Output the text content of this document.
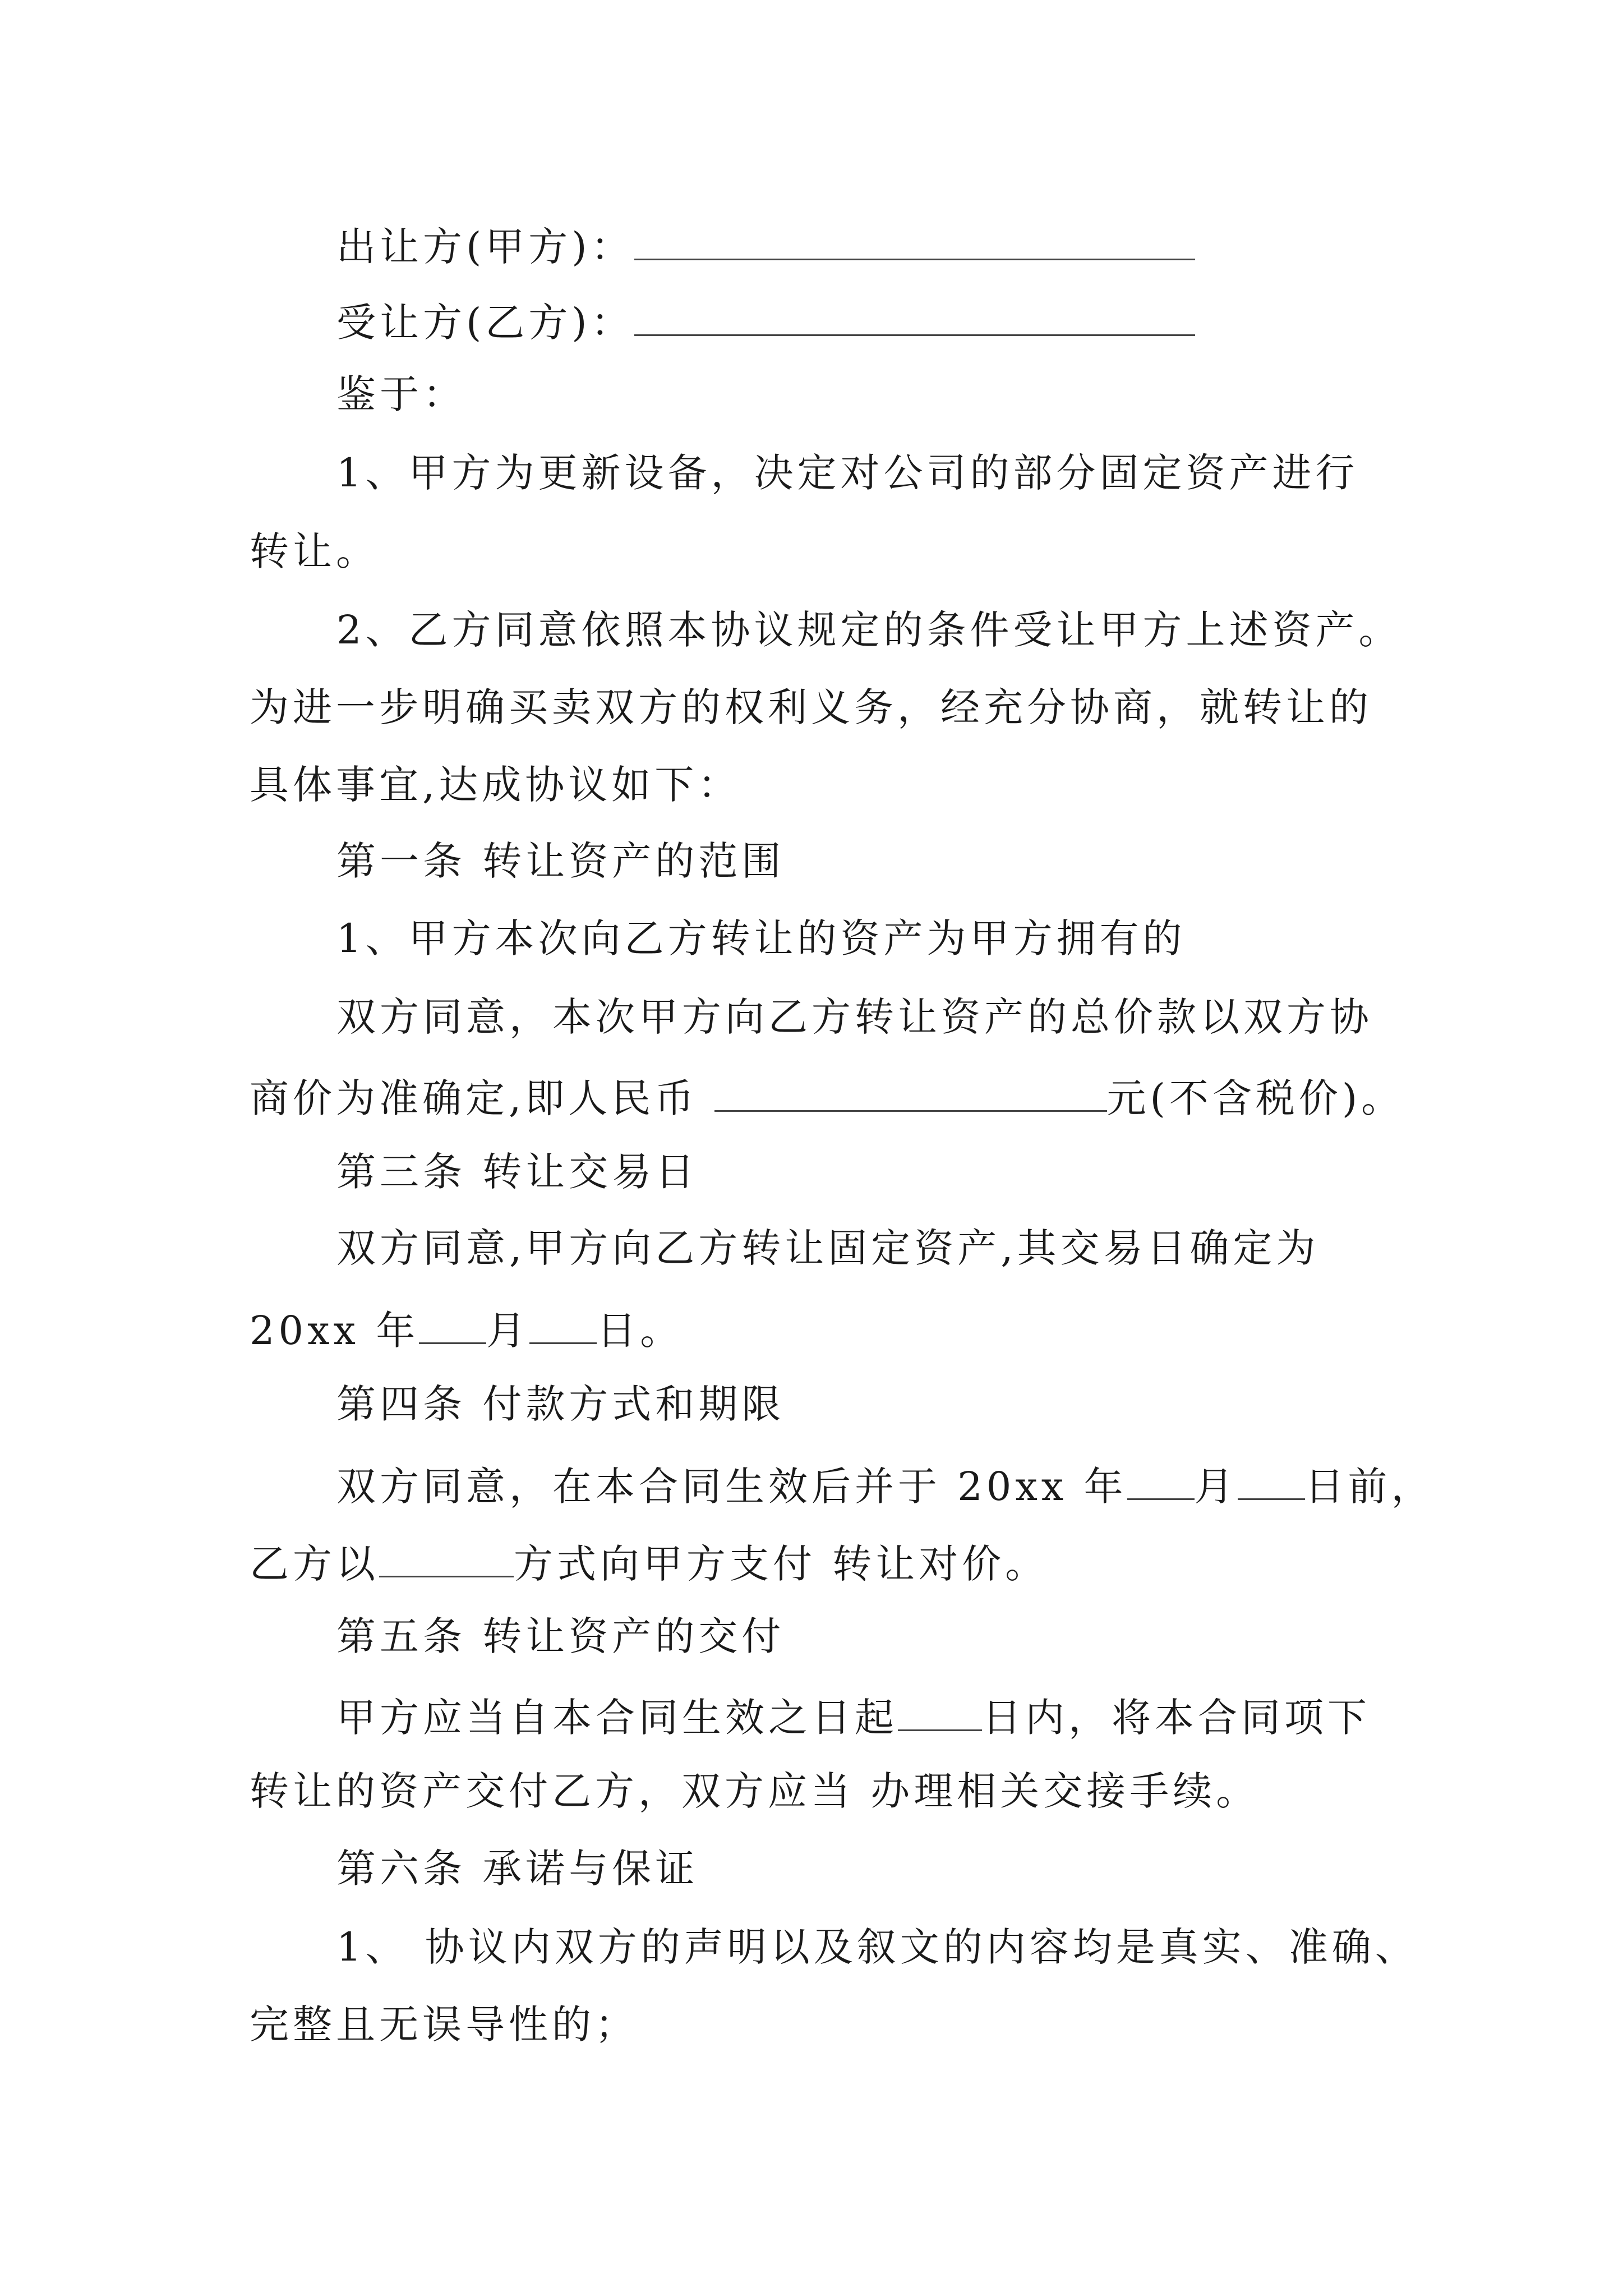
出让方(甲方)：
受让方(乙方)：
鉴于：
1、甲方为更新设备，决定对公司的部分固定资产进行
转让。
2、乙方同意依照本协议规定的条件受让甲方上述资产。
为进一步明确买卖双方的权利义务，经充分协商，就转让的
具体事宜,达成协议如下：
第一条 转让资产的范围
1、甲方本次向乙方转让的资产为甲方拥有的
双方同意，本次甲方向乙方转让资产的总价款以双方协
商价为准确定,即人民币	元(不含税价)。
第三条 转让交易日
双方同意,甲方向乙方转让固定资产,其交易日确定为
20xx 年 月 日。
第四条 付款方式和期限
双方同意，在本合同生效后并于 20xx 年 月 日前，
乙方以	方式向甲方支付 转让对价。
第五条 转让资产的交付
甲方应当自本合同生效之日起 日内，将本合同项下
转让的资产交付乙方，双方应当 办理相关交接手续。
第六条 承诺与保证
1、 协议内双方的声明以及叙文的内容均是真实、准确、
完整且无误导性的；
